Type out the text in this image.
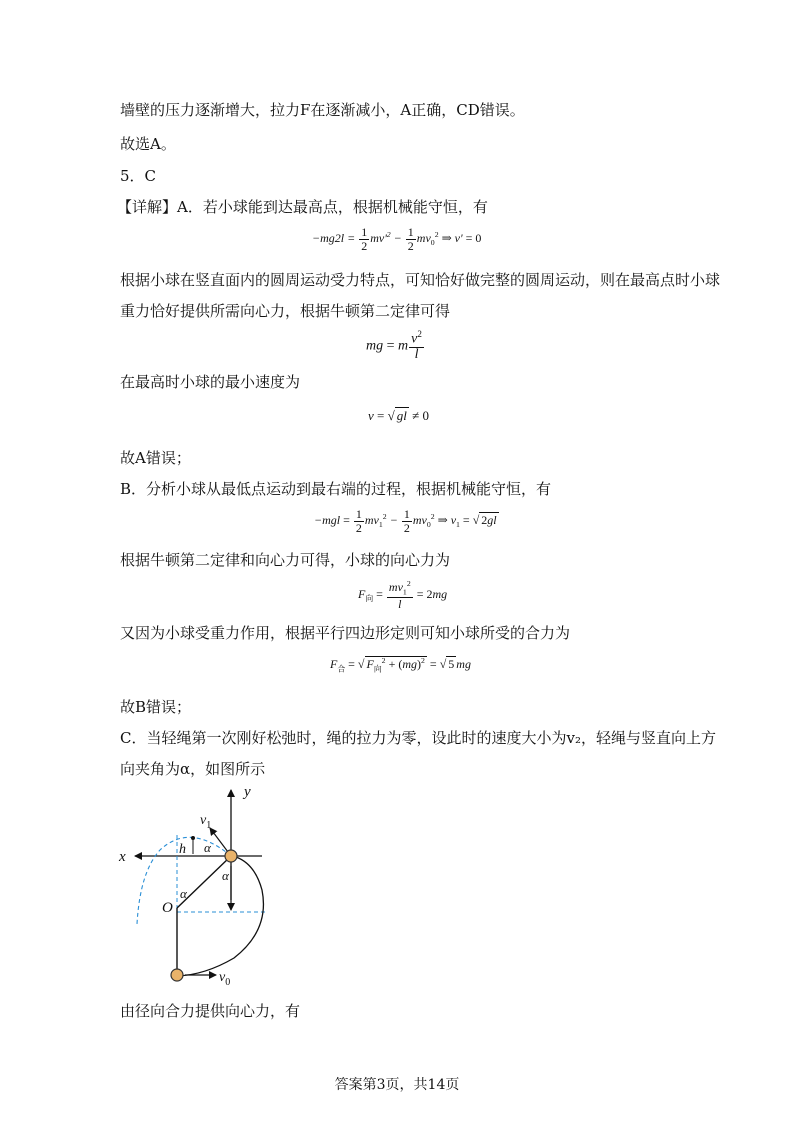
墙壁的压力逐渐增大，拉力F在逐渐减小，A正确，CD错误。
故选A。
5．C
【详解】A．若小球能到达最高点，根据机械能守恒，有
$-mg2l = \frac{1}{2} mv'^2 - \frac{1}{2} mv_0^2$ ⇒ v' = 0
根据小球在竖直面内的圆周运动受力特点，可知恰好做完整的圆周运动，则在最高点时小球
重力恰好提供所需向心力，根据牛顿第二定律可得
mg = m $\frac{v^2}{l}$
在最高时小球的最小速度为
v = √ gl ≠ 0
故A错误；
B．分析小球从最低点运动到最右端的过程，根据机械能守恒，有
$-mgl = \frac{1}{2} mv_1^2 - \frac{1}{2} mv_0^2$ ⇒ $v_1$ = √ 2gl
根据牛顿第二定律和向心力可得，小球的向心力为
$F_向 = \frac{mv_1^2}{l} = 2mg$
又因为小球受重力作用，根据平行四边形定则可知小球所受的合力为
$F_合$ = √ $F_向^2 + (mg)^2$ = √ 5 mg
故B错误；
C．当轻绳第一次刚好松弛时，绳的拉力为零，设此时的速度大小为v₂，轻绳与竖直向上方
向夹角为α，如图所示
y
x
$v_1$
h α
α
α
O
$v_0$
由径向合力提供向心力，有
答案第3页，共14页
